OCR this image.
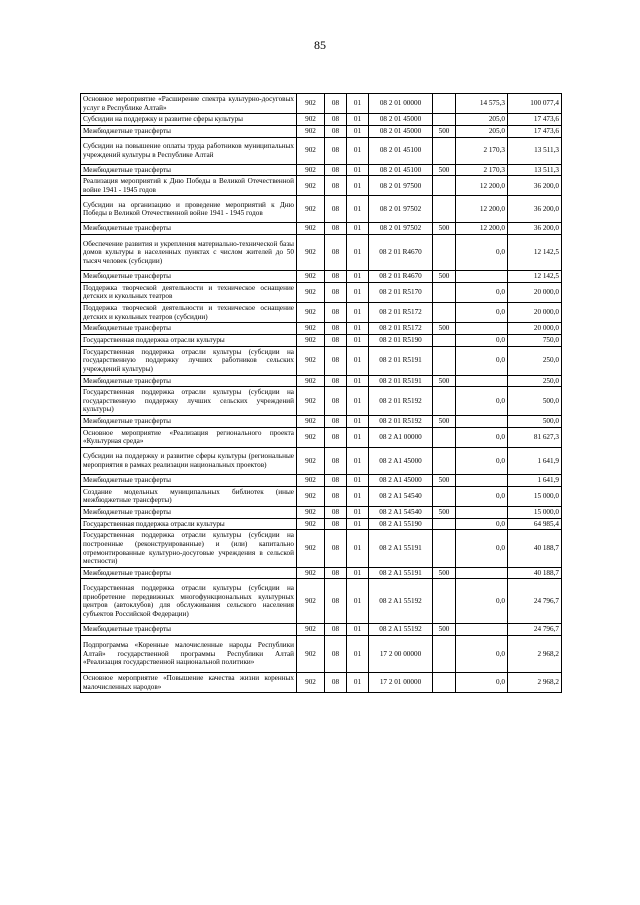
85
Основное мероприятие «Расширение спектра культурно-досуговых услуг в Республике Алтай»	902	08	01	08 2 01 00000		14 575,3	100 077,4
Субсидии на поддержку и развитие сферы культуры	902	08	01	08 2 01 45000		205,0	17 473,6
Межбюджетные трансферты	902	08	01	08 2 01 45000	500	205,0	17 473,6
Субсидии на повышение оплаты труда работников муниципальных учреждений культуры в Республике Алтай	902	08	01	08 2 01 45100		2 170,3	13 511,3
Межбюджетные трансферты	902	08	01	08 2 01 45100	500	2 170,3	13 511,3
Реализация мероприятий к Дню Победы в Великой Отечественной войне 1941 - 1945 годов	902	08	01	08 2 01 97500		12 200,0	36 200,0
Субсидии на организацию и проведение мероприятий к Дню Победы в Великой Отечественной войне 1941 - 1945 годов	902	08	01	08 2 01 97502		12 200,0	36 200,0
Межбюджетные трансферты	902	08	01	08 2 01 97502	500	12 200,0	36 200,0
Обеспечение развития и укрепления материально-технической базы домов культуры в населенных пунктах с числом жителей до 50 тысяч человек (субсидии)	902	08	01	08 2 01 R4670		0,0	12 142,5
Межбюджетные трансферты	902	08	01	08 2 01 R4670	500		12 142,5
Поддержка творческой деятельности и техническое оснащение детских и кукольных театров	902	08	01	08 2 01 R5170		0,0	20 000,0
Поддержка творческой деятельности и техническое оснащение детских и кукольных театров (субсидии)	902	08	01	08 2 01 R5172		0,0	20 000,0
Межбюджетные трансферты	902	08	01	08 2 01 R5172	500		20 000,0
Государственная поддержка отрасли культуры	902	08	01	08 2 01 R5190		0,0	750,0
Государственная поддержка отрасли культуры (субсидии на государственную поддержку лучших работников сельских учреждений культуры)	902	08	01	08 2 01 R5191		0,0	250,0
Межбюджетные трансферты	902	08	01	08 2 01 R5191	500		250,0
Государственная поддержка отрасли культуры (субсидии на государственную поддержку лучших сельских учреждений культуры)	902	08	01	08 2 01 R5192		0,0	500,0
Межбюджетные трансферты	902	08	01	08 2 01 R5192	500		500,0
Основное мероприятие «Реализация регионального проекта «Культурная среда»	902	08	01	08 2 A1 00000		0,0	81 627,3
Субсидии на поддержку и развитие сферы культуры (региональные мероприятия в рамках реализации национальных проектов)	902	08	01	08 2 A1 45000		0,0	1 641,9
Межбюджетные трансферты	902	08	01	08 2 A1 45000	500		1 641,9
Создание модельных муниципальных библиотек (иные межбюджетные трансферты)	902	08	01	08 2 A1 54540		0,0	15 000,0
Межбюджетные трансферты	902	08	01	08 2 A1 54540	500		15 000,0
Государственная поддержка отрасли культуры	902	08	01	08 2 A1 55190		0,0	64 985,4
Государственная поддержка отрасли культуры (субсидии на построенные (реконструированные) и (или) капитально отремонтированные культурно-досуговые учреждения в сельской местности)	902	08	01	08 2 A1 55191		0,0	40 188,7
Межбюджетные трансферты	902	08	01	08 2 A1 55191	500		40 188,7
Государственная поддержка отрасли культуры (субсидии на приобретение передвижных многофункциональных культурных центров (автоклубов) для обслуживания сельского населения субъектов Российской Федерации)	902	08	01	08 2 A1 55192		0,0	24 796,7
Межбюджетные трансферты	902	08	01	08 2 A1 55192	500		24 796,7
Подпрограмма «Коренные малочисленные народы Республики Алтай» государственной программы Республики Алтай «Реализация государственной национальной политики»	902	08	01	17 2 00 00000		0,0	2 968,2
Основное мероприятие «Повышение качества жизни коренных малочисленных народов»	902	08	01	17 2 01 00000		0,0	2 968,2
